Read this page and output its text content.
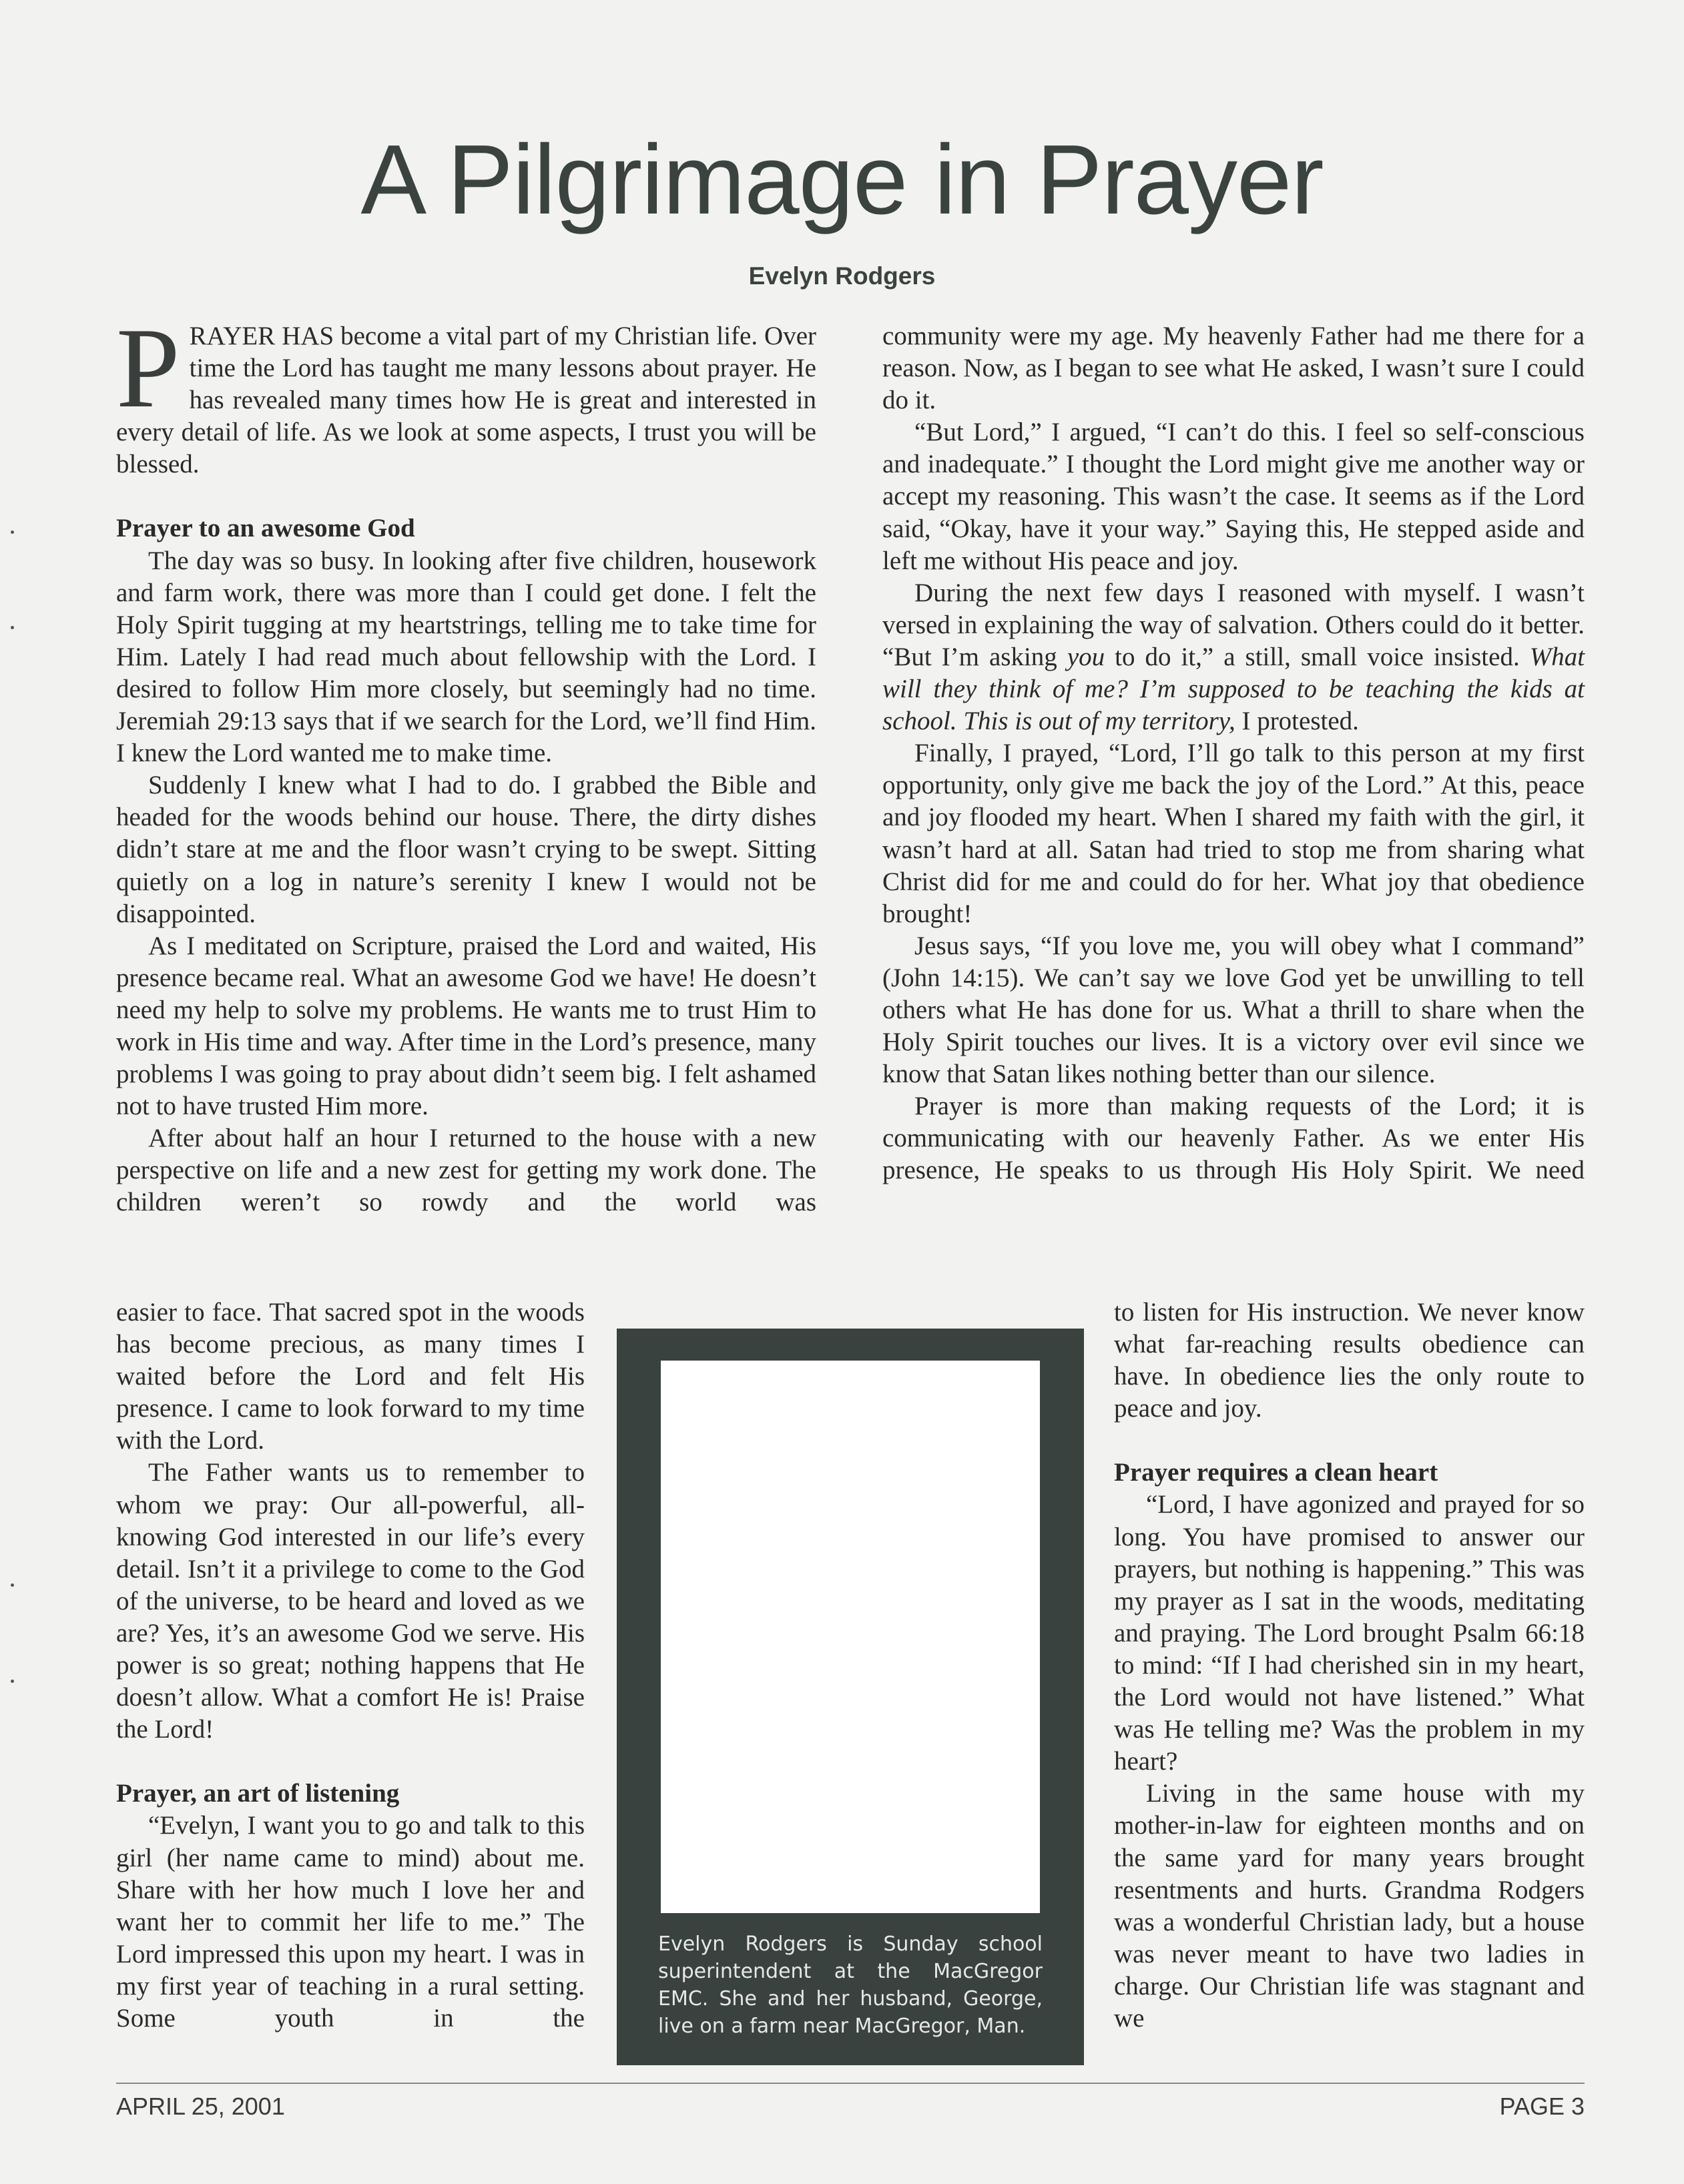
A Pilgrimage in Prayer
Evelyn Rodgers

PRAYER HAS become a vital part of my Christian life. Over time the Lord has taught me many lessons about prayer. He has revealed many times how He is great and interested in every detail of life. As we look at some aspects, I trust you will be blessed.

Prayer to an awesome God

The day was so busy. In looking after five children, housework and farm work, there was more than I could get done. I felt the Holy Spirit tugging at my heartstrings, telling me to take time for Him. Lately I had read much about fellowship with the Lord. I desired to follow Him more closely, but seemingly had no time. Jeremiah 29:13 says that if we search for the Lord, we’ll find Him. I knew the Lord wanted me to make time.

Suddenly I knew what I had to do. I grabbed the Bible and headed for the woods behind our house. There, the dirty dishes didn’t stare at me and the floor wasn’t crying to be swept. Sitting quietly on a log in nature’s serenity I knew I would not be disappointed.

As I meditated on Scripture, praised the Lord and waited, His presence became real. What an awesome God we have! He doesn’t need my help to solve my problems. He wants me to trust Him to work in His time and way. After time in the Lord’s presence, many problems I was going to pray about didn’t seem big. I felt ashamed not to have trusted Him more.

After about half an hour I returned to the house with a new perspective on life and a new zest for getting my work done. The children weren’t so rowdy and the world was

easier to face. That sacred spot in the woods has become precious, as many times I waited before the Lord and felt His presence. I came to look forward to my time with the Lord.

The Father wants us to remember to whom we pray: Our all-powerful, all-knowing God interested in our life’s every detail. Isn’t it a privilege to come to the God of the universe, to be heard and loved as we are? Yes, it’s an awesome God we serve. His power is so great; nothing happens that He doesn’t allow. What a comfort He is! Praise the Lord!

Prayer, an art of listening

“Evelyn, I want you to go and talk to this girl (her name came to mind) about me. Share with her how much I love her and want her to commit her life to me.” The Lord impressed this upon my heart. I was in my first year of teaching in a rural setting. Some youth in the

community were my age. My heavenly Father had me there for a reason. Now, as I began to see what He asked, I wasn’t sure I could do it.

“But Lord,” I argued, “I can’t do this. I feel so self-conscious and inadequate.” I thought the Lord might give me another way or accept my reasoning. This wasn’t the case. It seems as if the Lord said, “Okay, have it your way.” Saying this, He stepped aside and left me without His peace and joy.

During the next few days I reasoned with myself. I wasn’t versed in explaining the way of salvation. Others could do it better. “But I’m asking you to do it,” a still, small voice insisted. What will they think of me? I’m supposed to be teaching the kids at school. This is out of my territory, I protested.

Finally, I prayed, “Lord, I’ll go talk to this person at my first opportunity, only give me back the joy of the Lord.” At this, peace and joy flooded my heart. When I shared my faith with the girl, it wasn’t hard at all. Satan had tried to stop me from sharing what Christ did for me and could do for her. What joy that obedience brought!

Jesus says, “If you love me, you will obey what I command” (John 14:15). We can’t say we love God yet be unwilling to tell others what He has done for us. What a thrill to share when the Holy Spirit touches our lives. It is a victory over evil since we know that Satan likes nothing better than our silence.

Prayer is more than making requests of the Lord; it is communicating with our heavenly Father. As we enter His presence, He speaks to us through His Holy Spirit. We need

to listen for His instruction. We never know what far-reaching results obedience can have. In obedience lies the only route to peace and joy.

Prayer requires a clean heart

“Lord, I have agonized and prayed for so long. You have promised to answer our prayers, but nothing is happening.” This was my prayer as I sat in the woods, meditating and praying. The Lord brought Psalm 66:18 to mind: “If I had cherished sin in my heart, the Lord would not have listened.” What was He telling me? Was the problem in my heart?

Living in the same house with my mother-in-law for eighteen months and on the same yard for many years brought resentments and hurts. Grandma Rodgers was a wonderful Christian lady, but a house was never meant to have two ladies in charge. Our Christian life was stagnant and we

Evelyn Rodgers is Sunday school superintendent at the MacGregor EMC. She and her husband, George, live on a farm near MacGregor, Man.
APRIL 25, 2001	PAGE 3
